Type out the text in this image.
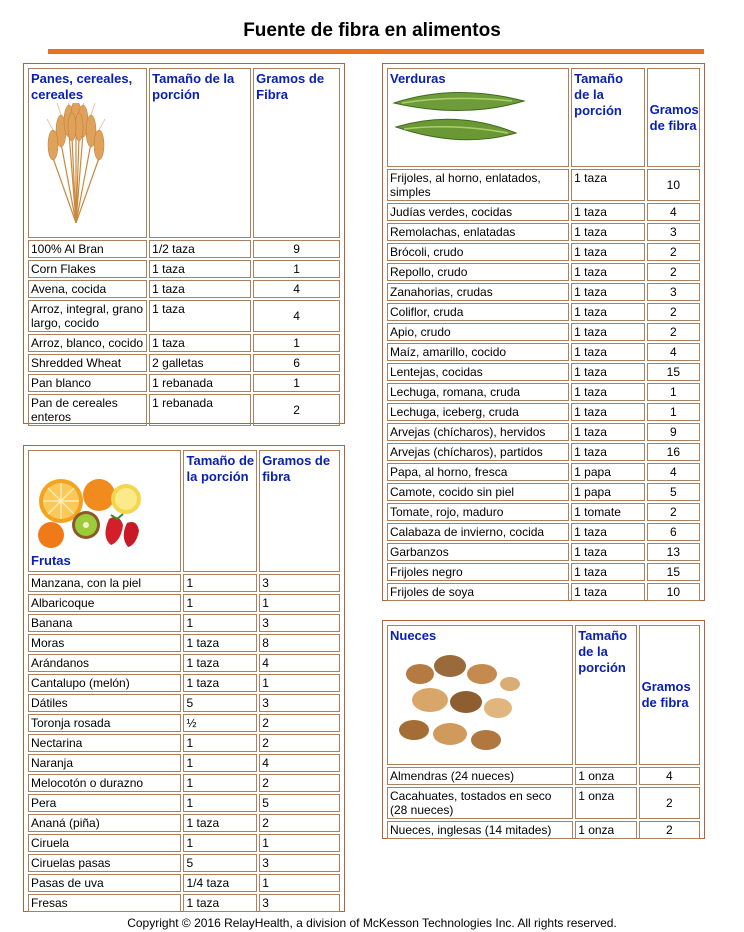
Fuente de fibra en alimentos
Panes, cereales, cereales	Tamaño de la porción	Gramos de Fibra
100% Al Bran	1/2 taza	9
Corn Flakes	1 taza	1
Avena, cocida	1 taza	4
Arroz, integral, grano largo, cocido	1 taza	4
Arroz, blanco, cocido	1 taza	1
Shredded Wheat	2 galletas	6
Pan blanco	1 rebanada	1
Pan de cereales enteros	1 rebanada	2
Frutas	Tamaño de la porción	Gramos de fibra
Manzana, con la piel	1	3
Albaricoque	1	1
Banana	1	3
Moras	1 taza	8
Arándanos	1 taza	4
Cantalupo (melón)	1 taza	1
Dátiles	5	3
Toronja rosada	½	2
Nectarina	1	2
Naranja	1	4
Melocotón o durazno	1	2
Pera	1	5
Ananá (piña)	1 taza	2
Ciruela	1	1
Ciruelas pasas	5	3
Pasas de uva	1/4 taza	1
Fresas	1 taza	3
Verduras	Tamaño de la porción	Gramos de fibra
Frijoles, al horno, enlatados, simples	1 taza	10
Judías verdes, cocidas	1 taza	4
Remolachas, enlatadas	1 taza	3
Brócoli, crudo	1 taza	2
Repollo, crudo	1 taza	2
Zanahorias, crudas	1 taza	3
Coliflor, cruda	1 taza	2
Apio, crudo	1 taza	2
Maíz, amarillo, cocido	1 taza	4
Lentejas, cocidas	1 taza	15
Lechuga, romana, cruda	1 taza	1
Lechuga, iceberg, cruda	1 taza	1
Arvejas (chícharos), hervidos	1 taza	9
Arvejas (chícharos), partidos	1 taza	16
Papa, al horno, fresca	1 papa	4
Camote, cocido sin piel	1 papa	5
Tomate, rojo, maduro	1 tomate	2
Calabaza de invierno, cocida	1 taza	6
Garbanzos	1 taza	13
Frijoles negro	1 taza	15
Frijoles de soya	1 taza	10
Nueces	Tamaño de la porción	Gramos de fibra
Almendras (24 nueces)	1 onza	4
Cacahuates, tostados en seco (28 nueces)	1 onza	2
Nueces, inglesas (14 mitades)	1 onza	2
Copyright © 2016 RelayHealth, a division of McKesson Technologies Inc. All rights reserved.
